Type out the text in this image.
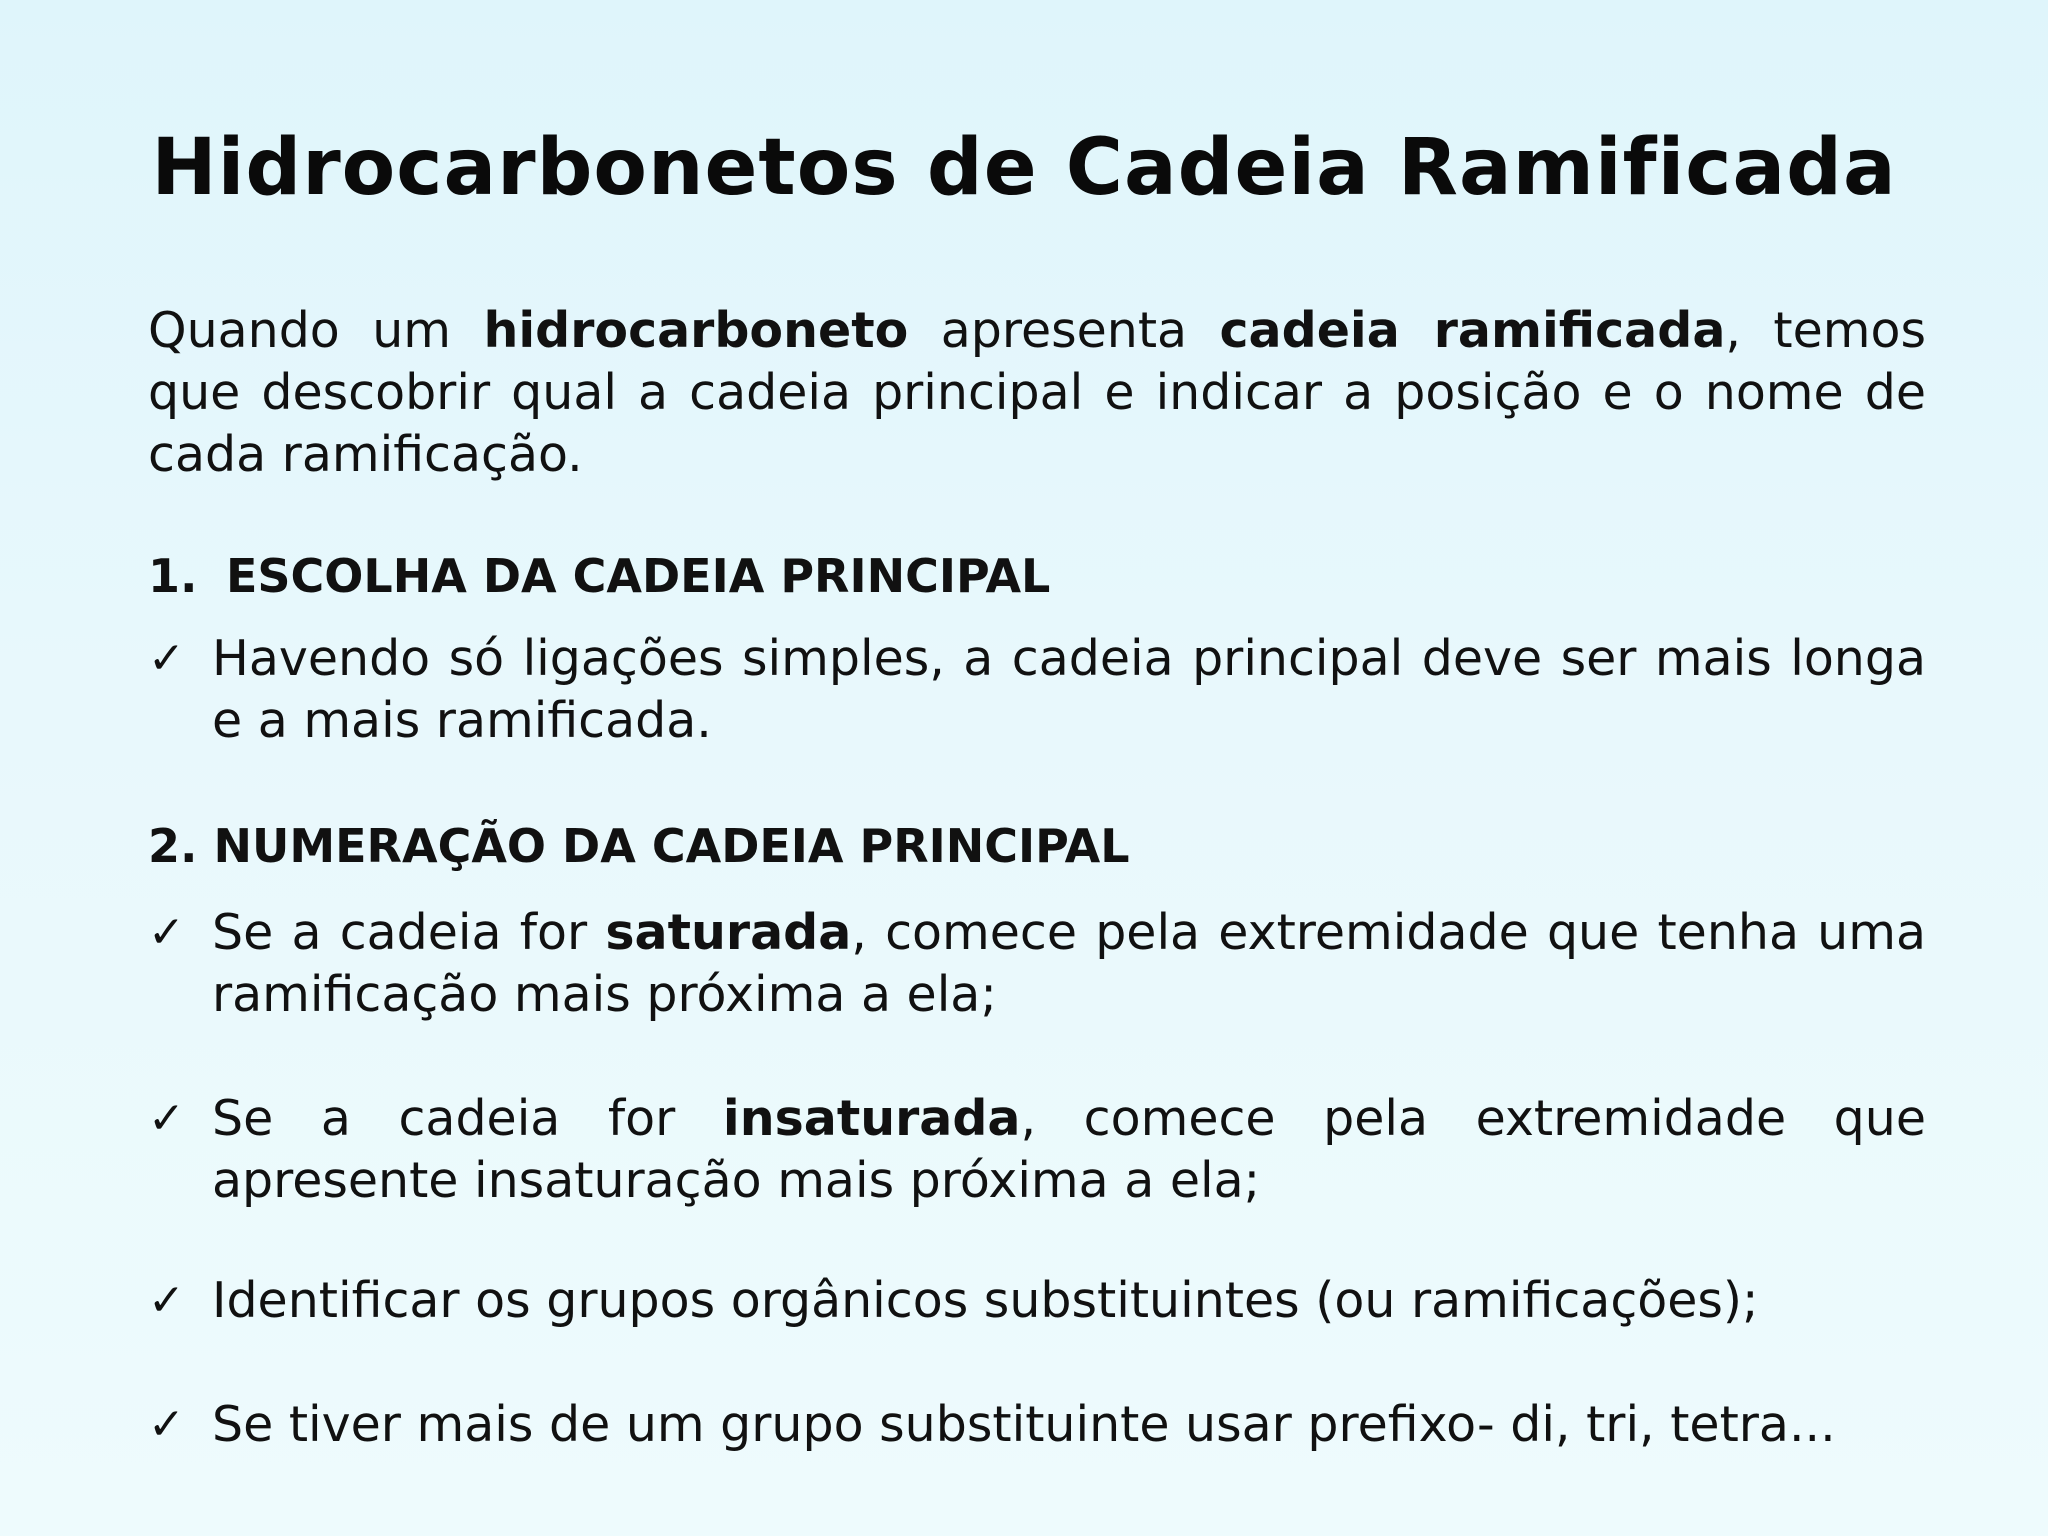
Hidrocarbonetos de Cadeia Ramificada

Quando um hidrocarboneto apresenta cadeia ramificada, temos que descobrir qual a cadeia principal e indicar a posição e o nome de cada ramificação.

1. ESCOLHA DA CADEIA PRINCIPAL

✓ Havendo só ligações simples, a cadeia principal deve ser mais longa e a mais ramificada.

2. NUMERAÇÃO DA CADEIA PRINCIPAL

✓ Se a cadeia for saturada, comece pela extremidade que tenha uma ramificação mais próxima a ela;

✓ Se a cadeia for insaturada, comece pela extremidade que apresente insaturação mais próxima a ela;

✓ Identificar os grupos orgânicos substituintes (ou ramificações);

✓ Se tiver mais de um grupo substituinte usar prefixo- di, tri, tetra...
